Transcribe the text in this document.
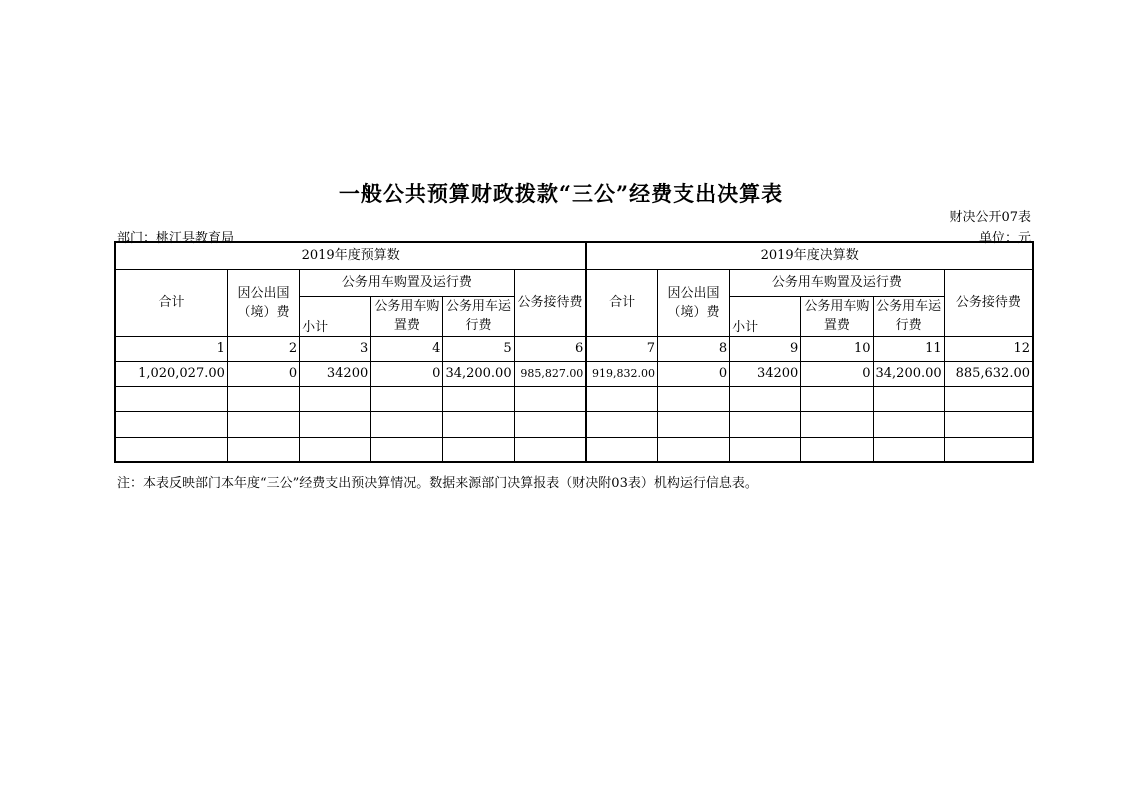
一般公共预算财政拨款“三公”经费支出决算表
财决公开07表
部门：桃江县教育局	单位：元
2019年度预算数						2019年度决算数					
合计	因公出国（境）费	公务用车购置及运行费			公务接待费	合计	因公出国（境）费	公务用车购置及运行费			公务接待费
		小计	公务用车购置费	公务用车运行费				小计	公务用车购置费	公务用车运行费	
1	2	3	4	5	6	7	8	9	10	11	12
1,020,027.00	0	34200	0	34,200.00	985,827.00	919,832.00	0	34200	0	34,200.00	885,632.00

注：本表反映部门本年度“三公”经费支出预决算情况。数据来源部门决算报表（财决附03表）机构运行信息表。
